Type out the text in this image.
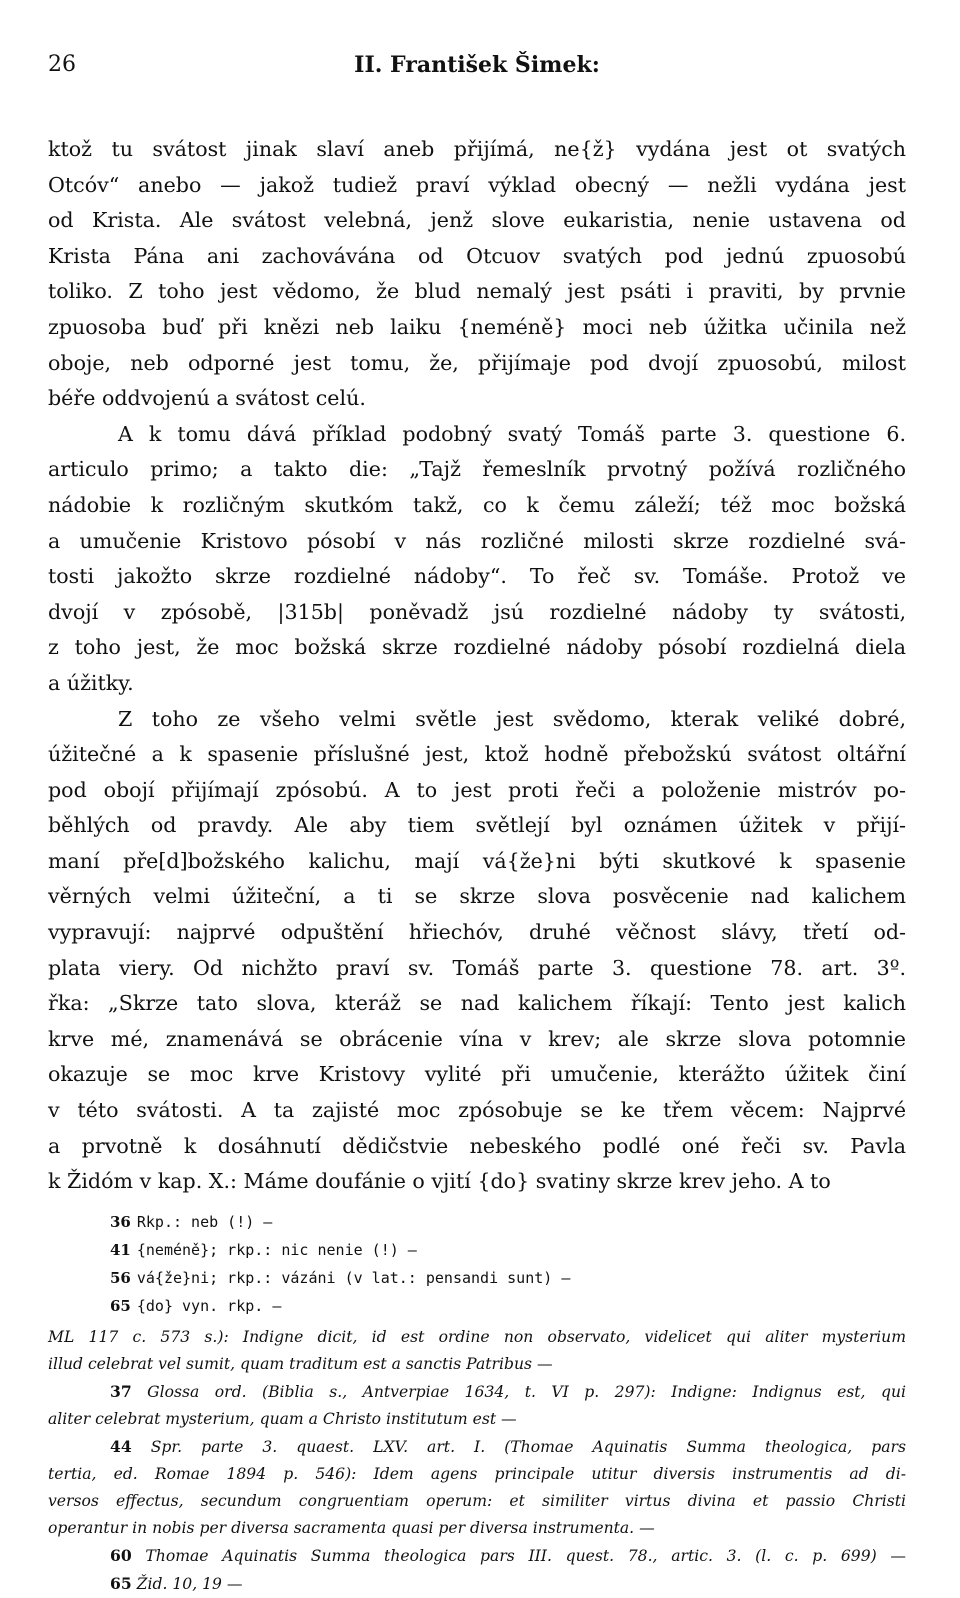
26	II. František Šimek:
ktož tu svátost jinak slaví aneb přijímá, ne{ž} vydána jest ot svatých
Otcóv“ anebo — jakož tudiež praví výklad obecný — nežli vydána jest
od Krista. Ale svátost velebná, jenž slove eukaristia, nenie ustavena od
Krista Pána ani zachovávána od Otcuov svatých pod jednú zpuosobú
toliko. Z toho jest vědomo, že blud nemalý jest psáti i praviti, by prvnie
zpuosoba buď při knězi neb laiku {neméně} moci neb úžitka učinila než
oboje, neb odporné jest tomu, že, přijímaje pod dvojí zpuosobú, milost
béře oddvojenú a svátost celú.
A k tomu dává příklad podobný svatý Tomáš parte 3. questione 6.
articulo primo; a takto die: „Tajž řemeslník prvotný požívá rozličného
nádobie k rozličným skutkóm takž, co k čemu záleží; též moc božská
a umučenie Kristovo pósobí v nás rozličné milosti skrze rozdielné svá-
tosti jakožto skrze rozdielné nádoby“. To řeč sv. Tomáše. Protož ve
dvojí v zpósobě, |315b| poněvadž jsú rozdielné nádoby ty svátosti,
z toho jest, že moc božská skrze rozdielné nádoby pósobí rozdielná diela
a úžitky.
Z toho ze všeho velmi světle jest svědomo, kterak veliké dobré,
úžitečné a k spasenie příslušné jest, ktož hodně přebožskú svátost oltářní
pod obojí přijímají zpósobú. A to jest proti řeči a položenie mistróv po-
běhlých od pravdy. Ale aby tiem světlejí byl oznámen úžitek v přijí-
maní pře[d]božského kalichu, mají vá{že}ni býti skutkové k spasenie
věrných velmi úžiteční, a ti se skrze slova posvěcenie nad kalichem
vypravují: najprvé odpuštění hřiechóv, druhé věčnost slávy, třetí od-
plata viery. Od nichžto praví sv. Tomáš parte 3. questione 78. art. 3º.
řka: „Skrze tato slova, kteráž se nad kalichem říkají: Tento jest kalich
krve mé, znamenává se obrácenie vína v krev; ale skrze slova potomnie
okazuje se moc krve Kristovy vylité při umučenie, kterážto úžitek činí
v této svátosti. A ta zajisté moc zpósobuje se ke třem věcem: Najprvé
a prvotně k dosáhnutí dědičstvie nebeského podlé oné řeči sv. Pavla
k Židóm v kap. X.: Máme doufánie o vjití {do} svatiny skrze krev jeho. A to
36 Rkp.: neb (!) —
41 {neméně}; rkp.: nic nenie (!) —
56 vá{že}ni; rkp.: vázáni (v lat.: pensandi sunt) —
65 {do} vyn. rkp. —
ML 117 c. 573 s.): Indigne dicit, id est ordine non observato, videlicet qui aliter mysterium
illud celebrat vel sumit, quam traditum est a sanctis Patribus —
37 Glossa ord. (Biblia s., Antverpiae 1634, t. VI p. 297): Indigne: Indignus est, qui
aliter celebrat mysterium, quam a Christo institutum est —
44 Spr. parte 3. quaest. LXV. art. I. (Thomae Aquinatis Summa theologica, pars
tertia, ed. Romae 1894 p. 546): Idem agens principale utitur diversis instrumentis ad di-
versos effectus, secundum congruentiam operum: et similiter virtus divina et passio Christi
operantur in nobis per diversa sacramenta quasi per diversa instrumenta. —
60 Thomae Aquinatis Summa theologica pars III. quest. 78., artic. 3. (l. c. p. 699) —
65 Žid. 10, 19 —
